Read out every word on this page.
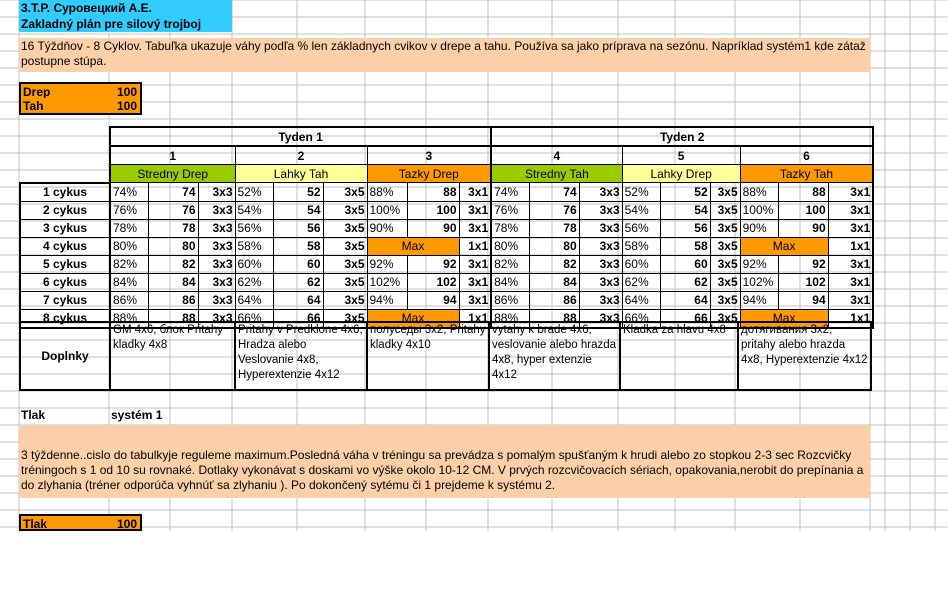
3.T.P. Суровецкий А.Е.
Zakladný plán pre silový trojboj
16 Týždňov - 8 Cyklov. Tabuľka ukazuje váhy podľa % len základnych cvikov v drepe a tahu. Používa sa jako príprava na sezónu. Napríklad systém1 kde zátaž postupne stúpa.
Drep	100
Tah	100
	Tyden 1									Tyden 2								
	1			2			3			4			5			6		
	Stredny Drep			Lahky Tah			Tazky Drep			Stredny Tah			Lahky Drep			Tazky Tah		
1 cykus	74%	74	3x3	52%	52	3x5	88%	88	3x1	74%	74	3x3	52%	52	3x5	88%	88	3x1
2 cykus	76%	76	3x3	54%	54	3x5	100%	100	3x1	76%	76	3x3	54%	54	3x5	100%	100	3x1
3 cykus	78%	78	3x3	56%	56	3x5	90%	90	3x1	78%	78	3x3	56%	56	3x5	90%	90	3x1
4 cykus	80%	80	3x3	58%	58	3x5	Max		1x1	80%	80	3x3	58%	58	3x5	Max		1x1
5 cykus	82%	82	3x3	60%	60	3x5	92%	92	3x1	82%	82	3x3	60%	60	3x5	92%	92	3x1
6 cykus	84%	84	3x3	62%	62	3x5	102%	102	3x1	84%	84	3x3	62%	62	3x5	102%	102	3x1
7 cykus	86%	86	3x3	64%	64	3x5	94%	94	3x1	86%	86	3x3	64%	64	3x5	94%	94	3x1
8 cykus	88%	88	3x3	66%	66	3x5	Max		1x1	88%	88	3x3	66%	66	3x5	Max		1x1
Doplnky	GM 4x6, блок Pritahy kladky 4x8	Pritahy v Predklone 4x6, Hradza alebo Veslovanie 4x8, Hyperextenzie 4x12	полуседы 3x2, Pritahy kladky 4x10	vytahy k brade 4x6, veslovanie alebo hrazda 4x8, hyper extenzie 4x12	Kladka za hlavu 4x8	дотягивания 3x2, pritahy alebo hrazda 4x8, Hyperextenzie 4x12
Tlak	systém 1
3 týždenne..cislo do tabulkyje reguleme maximum.Posledná váha v tréningu sa prevádza s pomalým spušťaným k hrudi alebo zo stopkou 2-3 sec Rozcvičky tréningoch s 1 od 10 su rovnaké. Dotlaky vykonávat s doskami vo výške okolo 10-12 CM. V prvých rozcvičovacích sériach, opakovania,nerobit do prepínania a do zlyhania (tréner odporúča vyhnúť sa zlyhaniu ). Po dokončený sytému či 1 prejdeme k systému 2.
Tlak	100
